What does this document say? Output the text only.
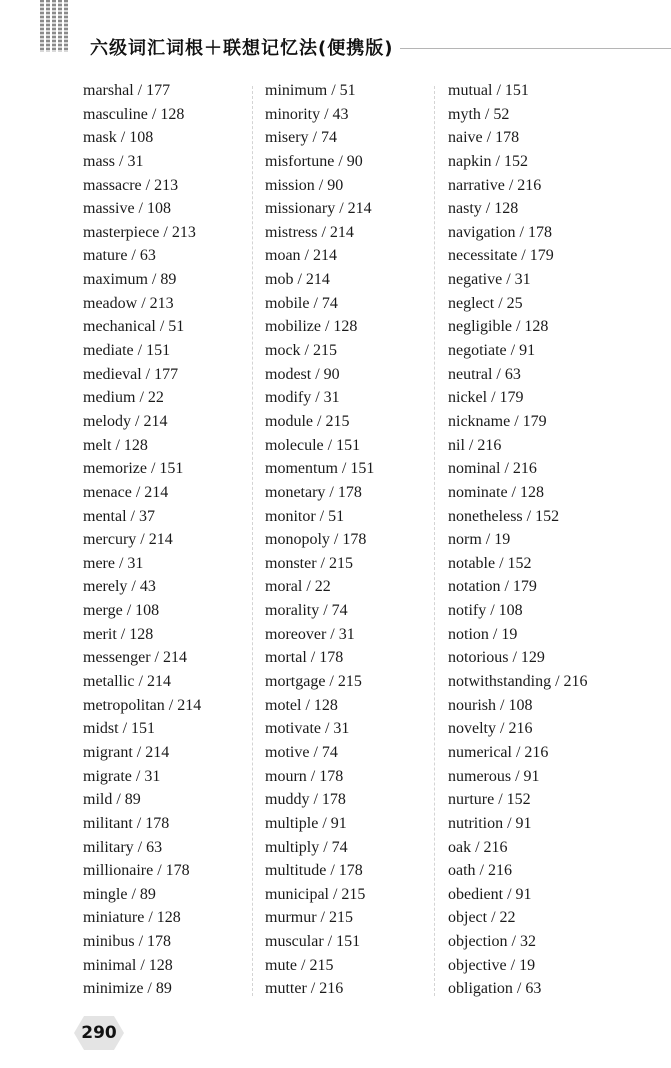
六级词汇词根＋联想记忆法(便携版)
marshal / 177
masculine / 128
mask / 108
mass / 31
massacre / 213
massive / 108
masterpiece / 213
mature / 63
maximum / 89
meadow / 213
mechanical / 51
mediate / 151
medieval / 177
medium / 22
melody / 214
melt / 128
memorize / 151
menace / 214
mental / 37
mercury / 214
mere / 31
merely / 43
merge / 108
merit / 128
messenger / 214
metallic / 214
metropolitan / 214
midst / 151
migrant / 214
migrate / 31
mild / 89
militant / 178
military / 63
millionaire / 178
mingle / 89
miniature / 128
minibus / 178
minimal / 128
minimize / 89
minimum / 51
minority / 43
misery / 74
misfortune / 90
mission / 90
missionary / 214
mistress / 214
moan / 214
mob / 214
mobile / 74
mobilize / 128
mock / 215
modest / 90
modify / 31
module / 215
molecule / 151
momentum / 151
monetary / 178
monitor / 51
monopoly / 178
monster / 215
moral / 22
morality / 74
moreover / 31
mortal / 178
mortgage / 215
motel / 128
motivate / 31
motive / 74
mourn / 178
muddy / 178
multiple / 91
multiply / 74
multitude / 178
municipal / 215
murmur / 215
muscular / 151
mute / 215
mutter / 216
mutual / 151
myth / 52
naive / 178
napkin / 152
narrative / 216
nasty / 128
navigation / 178
necessitate / 179
negative / 31
neglect / 25
negligible / 128
negotiate / 91
neutral / 63
nickel / 179
nickname / 179
nil / 216
nominal / 216
nominate / 128
nonetheless / 152
norm / 19
notable / 152
notation / 179
notify / 108
notion / 19
notorious / 129
notwithstanding / 216
nourish / 108
novelty / 216
numerical / 216
numerous / 91
nurture / 152
nutrition / 91
oak / 216
oath / 216
obedient / 91
object / 22
objection / 32
objective / 19
obligation / 63
290
